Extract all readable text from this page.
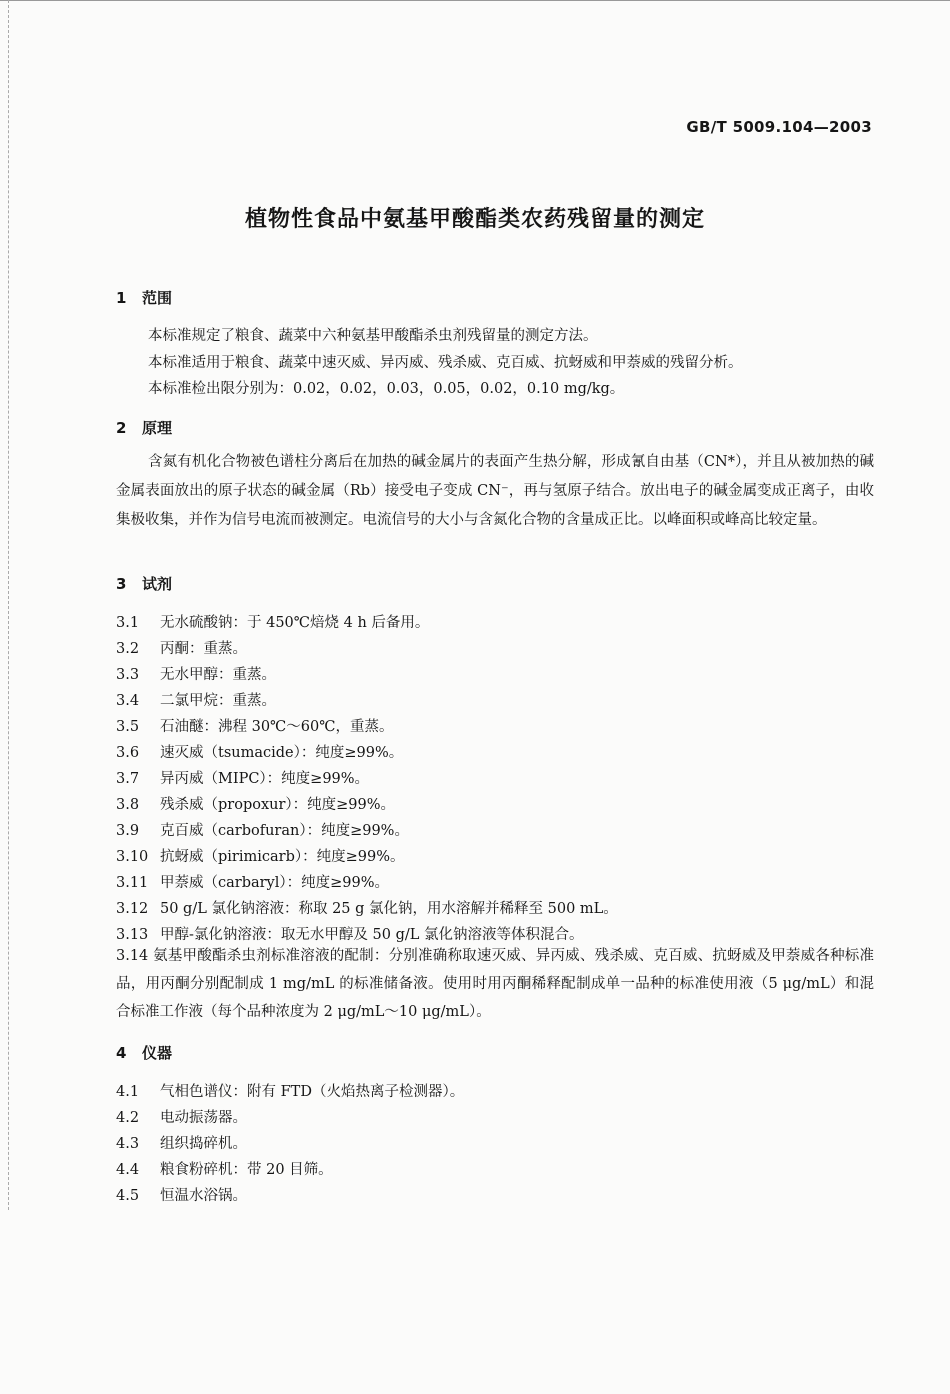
GB/T 5009.104—2003
植物性食品中氨基甲酸酯类农药残留量的测定
1 范围
本标准规定了粮食、蔬菜中六种氨基甲酸酯杀虫剂残留量的测定方法。
本标准适用于粮食、蔬菜中速灭威、异丙威、残杀威、克百威、抗蚜威和甲萘威的残留分析。
本标准检出限分别为：0.02，0.02，0.03，0.05，0.02，0.10 mg/kg。
2 原理
含氮有机化合物被色谱柱分离后在加热的碱金属片的表面产生热分解，形成氰自由基（CN*），并且从被加热的碱金属表面放出的原子状态的碱金属（Rb）接受电子变成 CN⁻，再与氢原子结合。放出电子的碱金属变成正离子，由收集极收集，并作为信号电流而被测定。电流信号的大小与含氮化合物的含量成正比。以峰面积或峰高比较定量。
3 试剂
3.1 无水硫酸钠：于 450℃焙烧 4 h 后备用。
3.2 丙酮：重蒸。
3.3 无水甲醇：重蒸。
3.4 二氯甲烷：重蒸。
3.5 石油醚：沸程 30℃～60℃，重蒸。
3.6 速灭威（tsumacide）：纯度≥99%。
3.7 异丙威（MIPC）：纯度≥99%。
3.8 残杀威（propoxur）：纯度≥99%。
3.9 克百威（carbofuran）：纯度≥99%。
3.10 抗蚜威（pirimicarb）：纯度≥99%。
3.11 甲萘威（carbaryl）：纯度≥99%。
3.12 50 g/L 氯化钠溶液：称取 25 g 氯化钠，用水溶解并稀释至 500 mL。
3.13 甲醇-氯化钠溶液：取无水甲醇及 50 g/L 氯化钠溶液等体积混合。
3.14 氨基甲酸酯杀虫剂标准溶液的配制：分别准确称取速灭威、异丙威、残杀威、克百威、抗蚜威及甲萘威各种标准品，用丙酮分别配制成 1 mg/mL 的标准储备液。使用时用丙酮稀释配制成单一品种的标准使用液（5 μg/mL）和混合标准工作液（每个品种浓度为 2 μg/mL～10 μg/mL）。
4 仪器
4.1 气相色谱仪：附有 FTD（火焰热离子检测器）。
4.2 电动振荡器。
4.3 组织捣碎机。
4.4 粮食粉碎机：带 20 目筛。
4.5 恒温水浴锅。
